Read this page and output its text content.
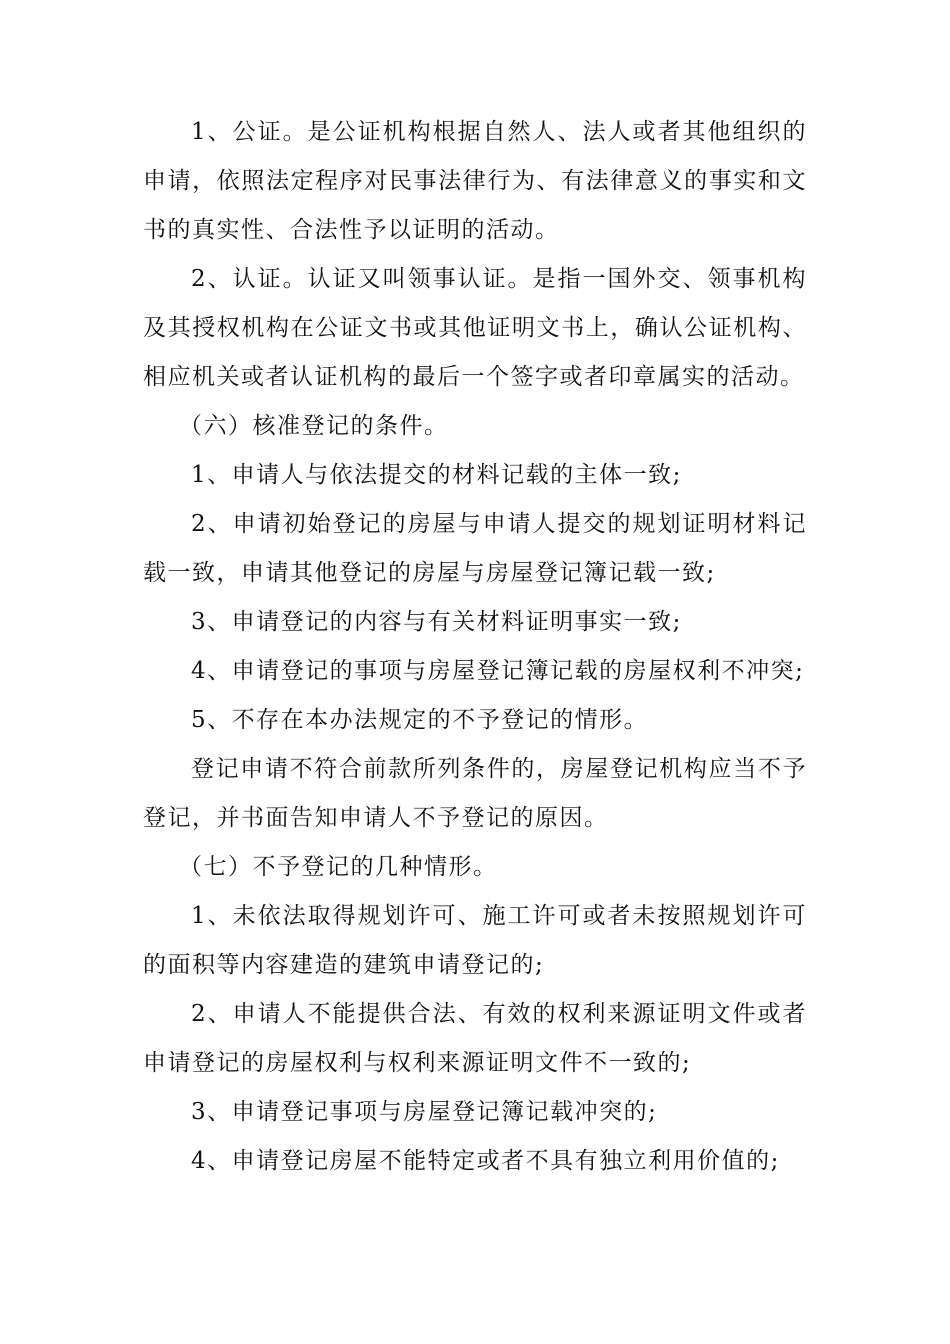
1、公证。是公证机构根据自然人、法人或者其他组织的申请，依照法定程序对民事法律行为、有法律意义的事实和文书的真实性、合法性予以证明的活动。

2、认证。认证又叫领事认证。是指一国外交、领事机构及其授权机构在公证文书或其他证明文书上，确认公证机构、相应机关或者认证机构的最后一个签字或者印章属实的活动。

（六）核准登记的条件。

1、申请人与依法提交的材料记载的主体一致;

2、申请初始登记的房屋与申请人提交的规划证明材料记载一致，申请其他登记的房屋与房屋登记簿记载一致;

3、申请登记的内容与有关材料证明事实一致;

4、申请登记的事项与房屋登记簿记载的房屋权利不冲突;

5、不存在本办法规定的不予登记的情形。

登记申请不符合前款所列条件的，房屋登记机构应当不予登记，并书面告知申请人不予登记的原因。

（七）不予登记的几种情形。

1、未依法取得规划许可、施工许可或者未按照规划许可的面积等内容建造的建筑申请登记的;

2、申请人不能提供合法、有效的权利来源证明文件或者申请登记的房屋权利与权利来源证明文件不一致的;

3、申请登记事项与房屋登记簿记载冲突的;

4、申请登记房屋不能特定或者不具有独立利用价值的;
